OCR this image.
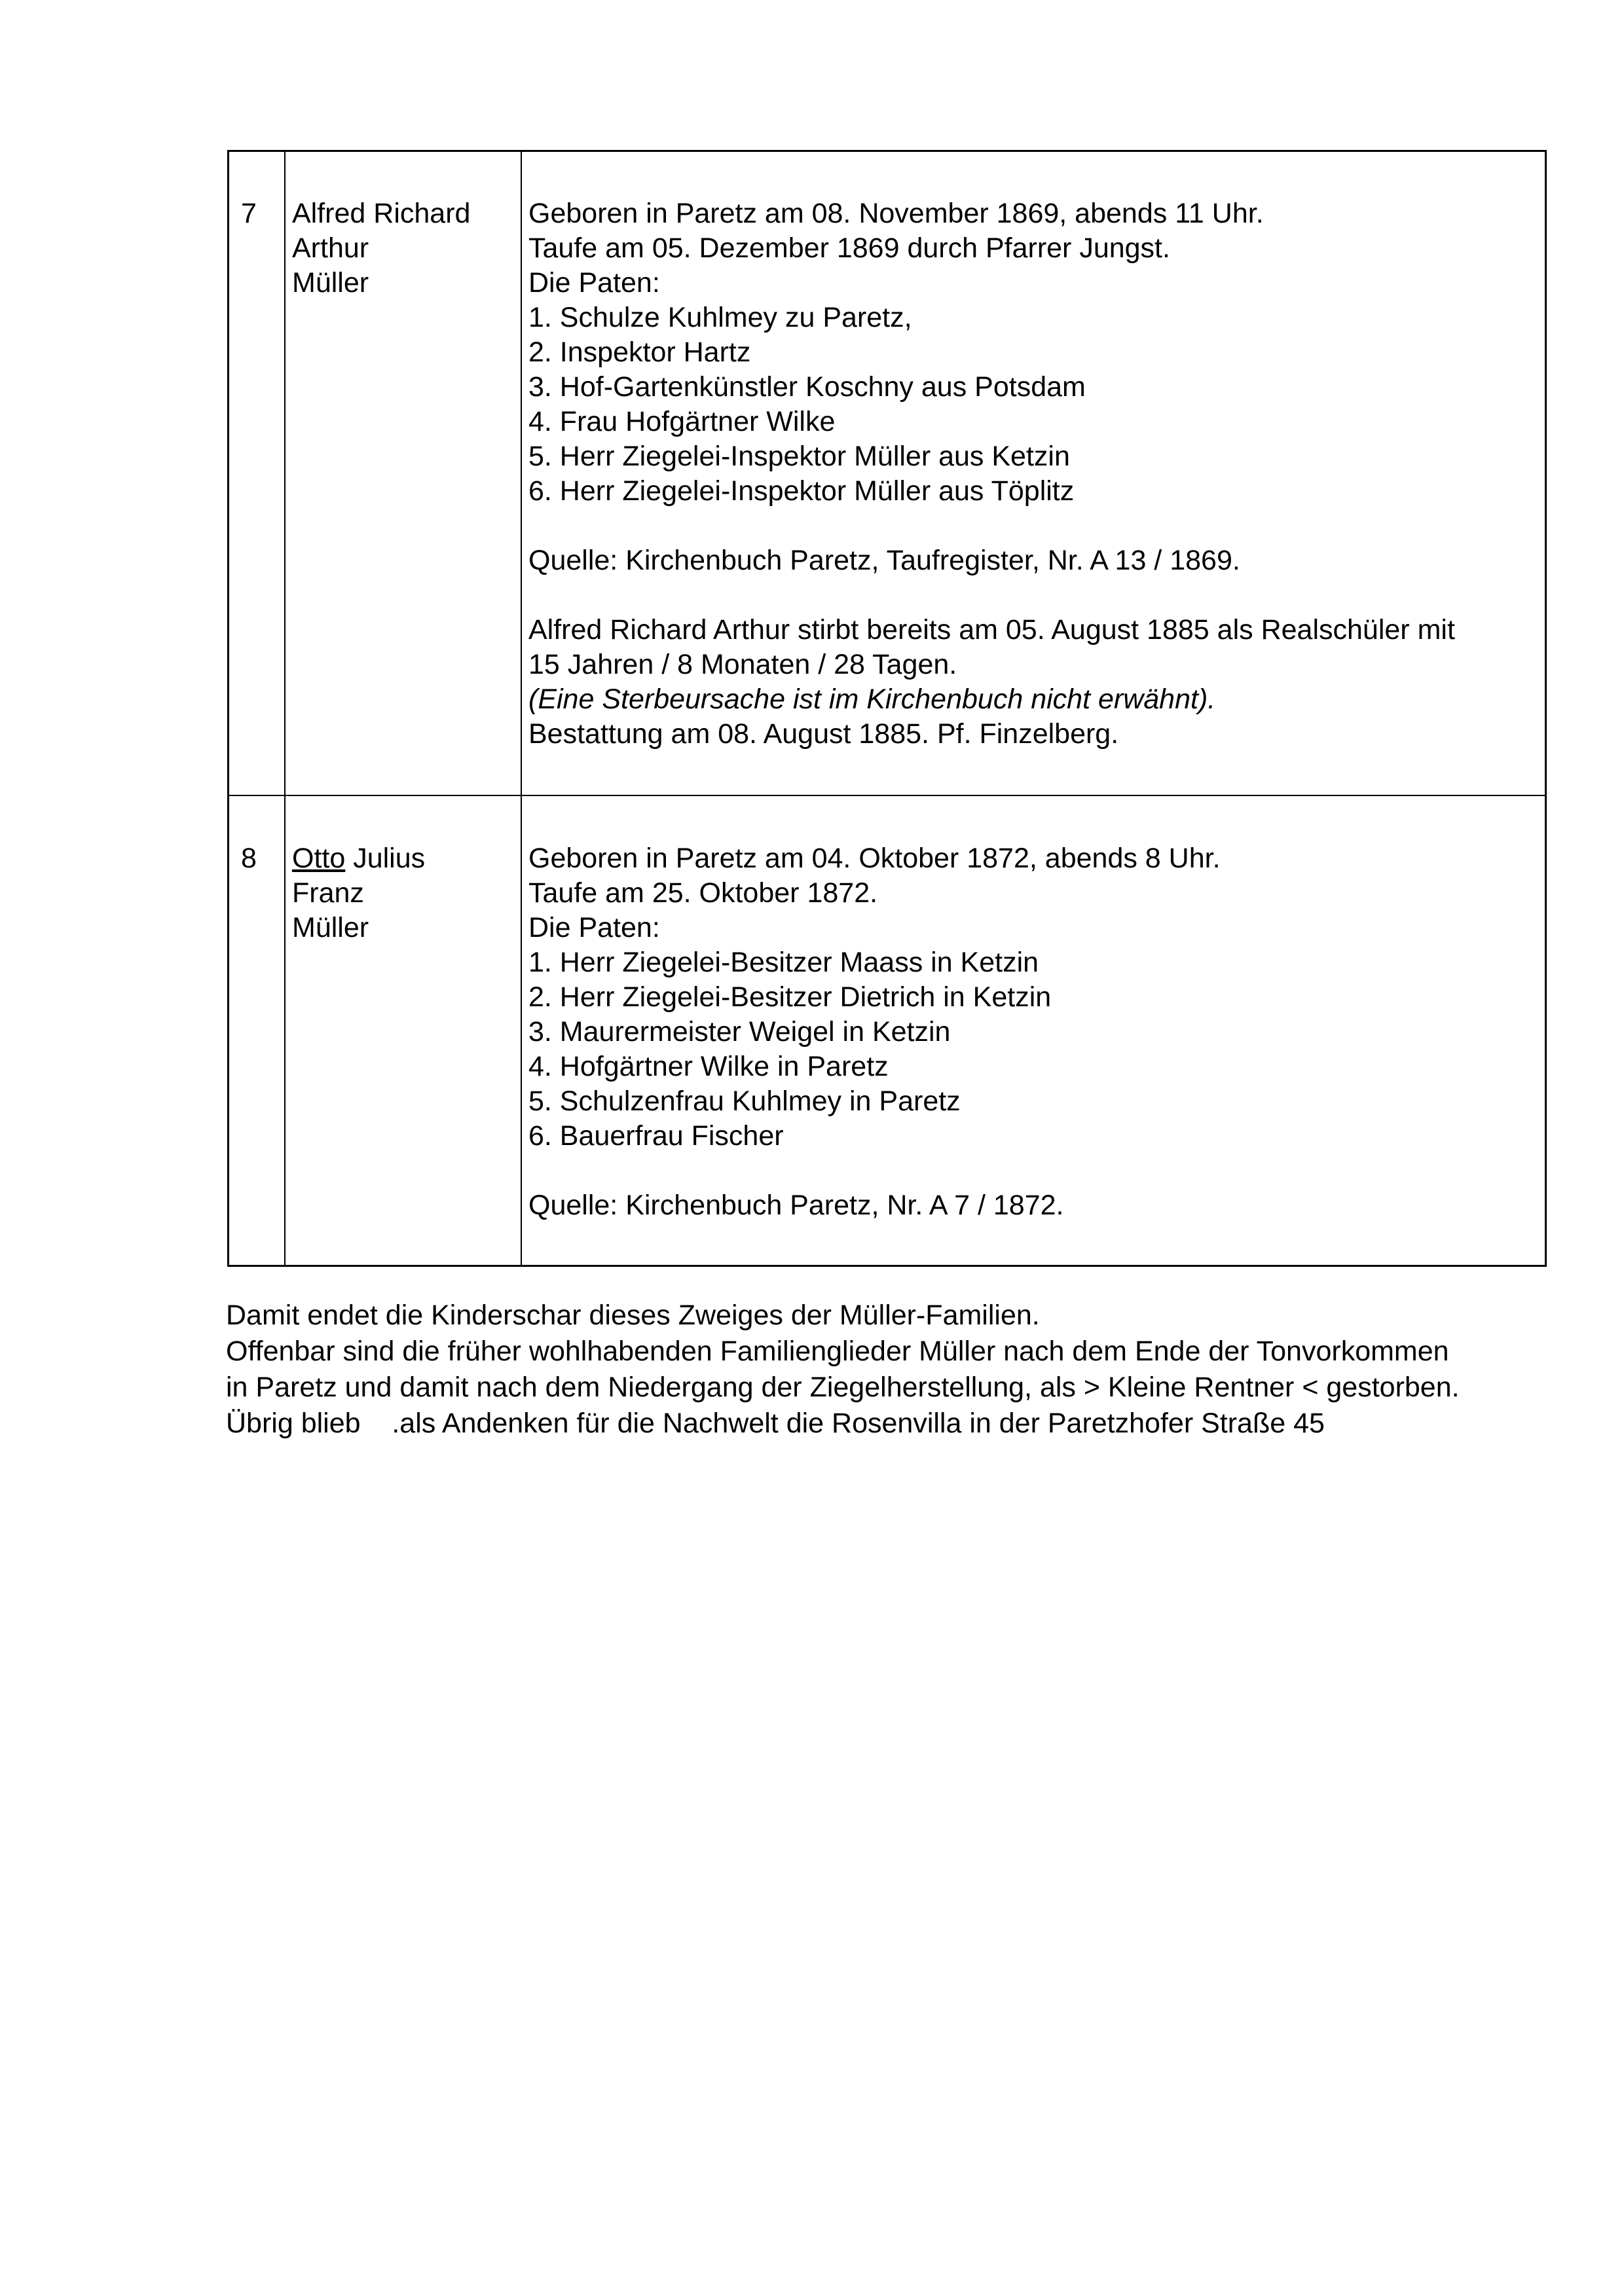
7 Alfred Richard
Arthur
Müller
Geboren in Paretz am 08. November 1869, abends 11 Uhr.
Taufe am 05. Dezember 1869 durch Pfarrer Jungst.
Die Paten:
1. Schulze Kuhlmey zu Paretz,
2. Inspektor Hartz
3. Hof-Gartenkünstler Koschny aus Potsdam
4. Frau Hofgärtner Wilke
5. Herr Ziegelei-Inspektor Müller aus Ketzin
6. Herr Ziegelei-Inspektor Müller aus Töplitz
Quelle: Kirchenbuch Paretz, Taufregister, Nr. A 13 / 1869.
Alfred Richard Arthur stirbt bereits am 05. August 1885 als Realschüler mit
15 Jahren / 8 Monaten / 28 Tagen.
(Eine Sterbeursache ist im Kirchenbuch nicht erwähnt).
Bestattung am 08. August 1885. Pf. Finzelberg.
8 Otto Julius
Franz
Müller
Geboren in Paretz am 04. Oktober 1872, abends 8 Uhr.
Taufe am 25. Oktober 1872.
Die Paten:
1. Herr Ziegelei-Besitzer Maass in Ketzin
2. Herr Ziegelei-Besitzer Dietrich in Ketzin
3. Maurermeister Weigel in Ketzin
4. Hofgärtner Wilke in Paretz
5. Schulzenfrau Kuhlmey in Paretz
6. Bauerfrau Fischer
Quelle: Kirchenbuch Paretz, Nr. A 7 / 1872.
Damit endet die Kinderschar dieses Zweiges der Müller-Familien.
Offenbar sind die früher wohlhabenden Familienglieder Müller nach dem Ende der Tonvorkommen
in Paretz und damit nach dem Niedergang der Ziegelherstellung, als > Kleine Rentner < gestorben.
Übrig blieb    .als Andenken für die Nachwelt die Rosenvilla in der Paretzhofer Straße 45
